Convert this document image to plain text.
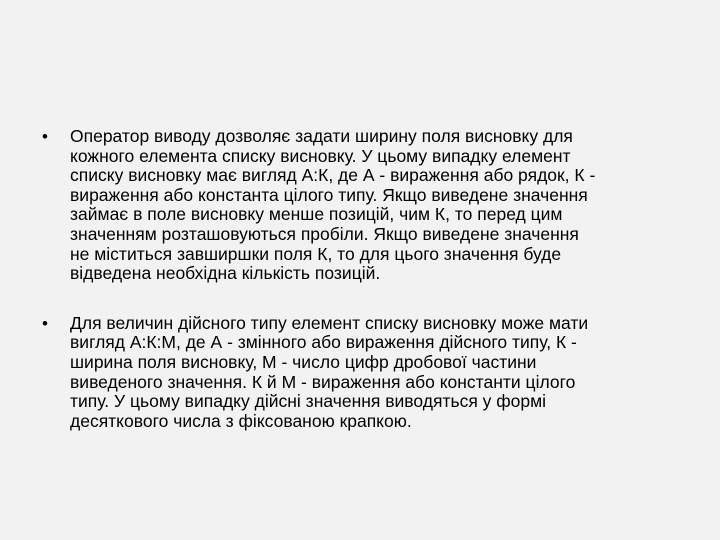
•	Оператор виводу дозволяє задати ширину поля висновку для
кожного елемента списку висновку. У цьому випадку елемент
списку висновку має вигляд А:К, де А - вираження або рядок, К -
вираження або константа цілого типу. Якщо виведене значення
займає в поле висновку менше позицій, чим К, то перед цим
значенням розташовуються пробіли. Якщо виведене значення
не міститься завширшки поля К, то для цього значення буде
відведена необхідна кількість позицій.
•	Для величин дійсного типу елемент списку висновку може мати
вигляд А:К:М, де А - змінного або вираження дійсного типу, К -
ширина поля висновку, М - число цифр дробової частини
виведеного значення. К й М - вираження або константи цілого
типу. У цьому випадку дійсні значення виводяться у формі
десяткового числа з фіксованою крапкою.
